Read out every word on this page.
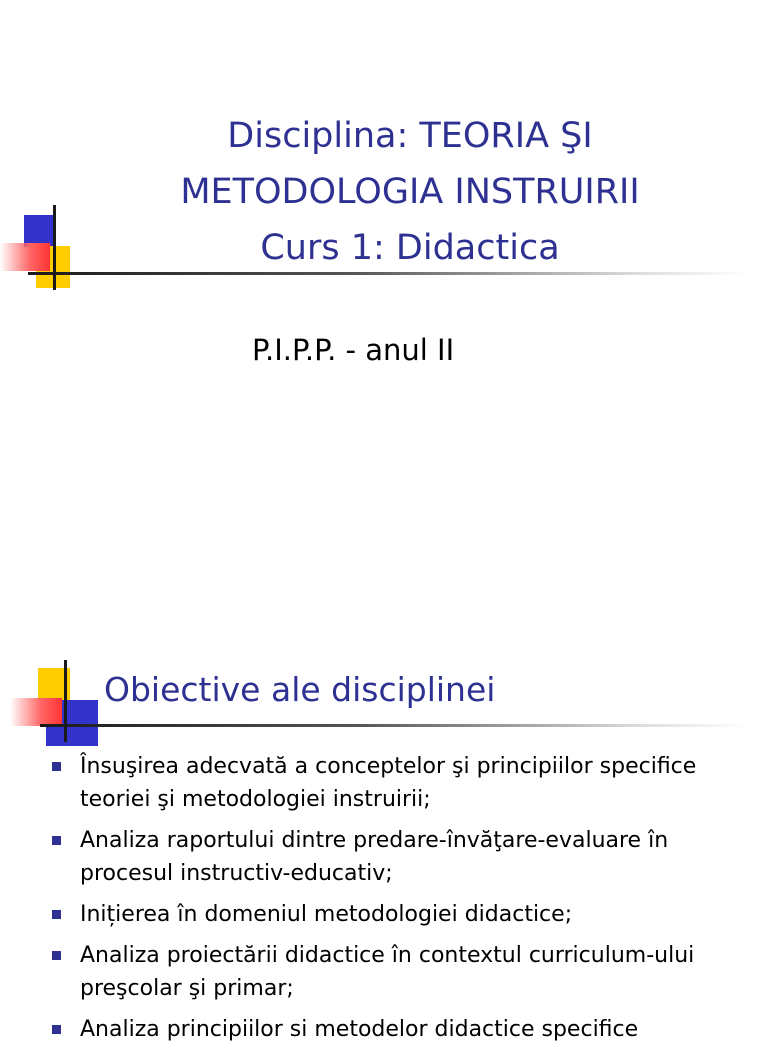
Disciplina: TEORIA ŞI
METODOLOGIA INSTRUIRII
Curs 1: Didactica

P.I.P.P. - anul II

Obiective ale disciplinei
Însuşirea adecvată a conceptelor şi principiilor specifice teoriei şi metodologiei instruirii;
Analiza raportului dintre predare-învăţare-evaluare în procesul instructiv-educativ;
Inițierea în domeniul metodologiei didactice;
Analiza proiectării didactice în contextul curriculum-ului preşcolar şi primar;
Analiza principiilor si metodelor didactice specifice
